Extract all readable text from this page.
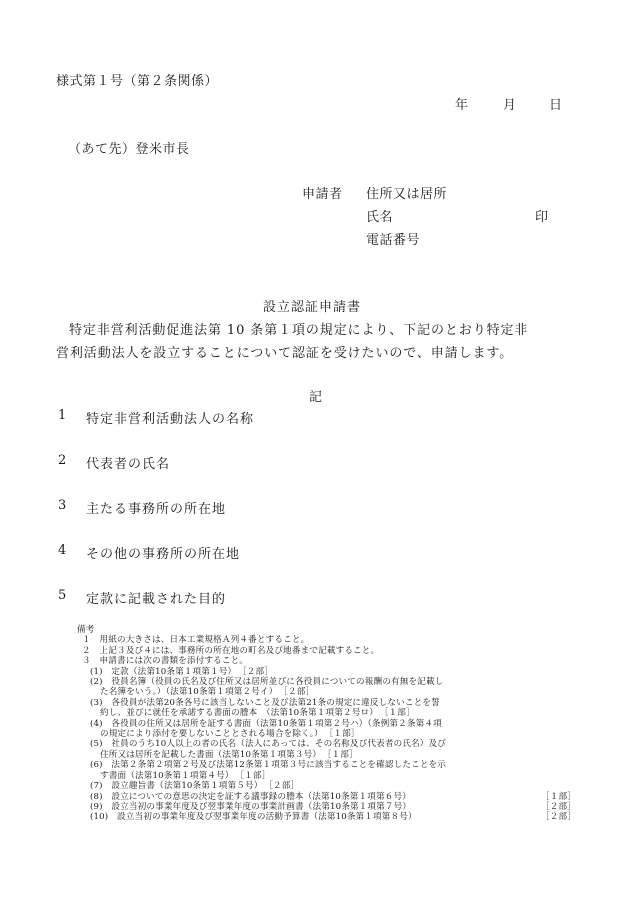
様式第１号（第２条関係）
年	月 日
（あて先）登米市長
申請者 住所又は居所
氏名	印
電話番号
設立認証申請書
特定非営利活動促進法第 10 条第１項の規定により、下記のとおり特定非
営利活動法人を設立することについて認証を受けたいので、申請します。
記
1 特定非営利活動法人の名称
2 代表者の氏名
3 主たる事務所の所在地
4 その他の事務所の所在地
5 定款に記載された目的
備考
１　用紙の大きさは、日本工業規格Ａ列４番とすること。
２　上記３及び４には、事務所の所在地の町名及び地番まで記載すること。
３　申請書には次の書類を添付すること。
(1)　定款（法第10条第１項第１号） ［２部］
(2)　役員名簿（役員の氏名及び住所又は居所並びに各役員についての報酬の有無を記載し
た名簿をいう。）（法第10条第１項第２号イ） ［２部］
(3)　各役員が法第20条各号に該当しないこと及び法第21条の規定に違反しないことを誓
約し、並びに就任を承諾する書面の謄本　（法第10条第１項第２号ロ） ［１部］
(4)　各役員の住所又は居所を証する書面（法第10条第１項第２号ハ）（条例第２条第４項
の規定により添付を要しないこととされる場合を除く。） ［１部］
(5)　社員のうち10人以上の者の氏名（法人にあっては、その名称及び代表者の氏名）及び
住所又は居所を記載した書面（法第10条第１項第３号） ［１部］
(6)　法第２条第２項第２号及び法第12条第１項第３号に該当することを確認したことを示
す書面（法第10条第１項第４号） ［１部］
(7)　設立趣旨書（法第10条第１項第５号） ［２部］
(8)　設立についての意思の決定を証する議事録の謄本（法第10条第１項第６号）	［１部］
(9)　設立当初の事業年度及び翌事業年度の事業計画書（法第10条第１項第７号）	［２部］
(10)　設立当初の事業年度及び翌事業年度の活動予算書（法第10条第１項第８号）	［２部］
